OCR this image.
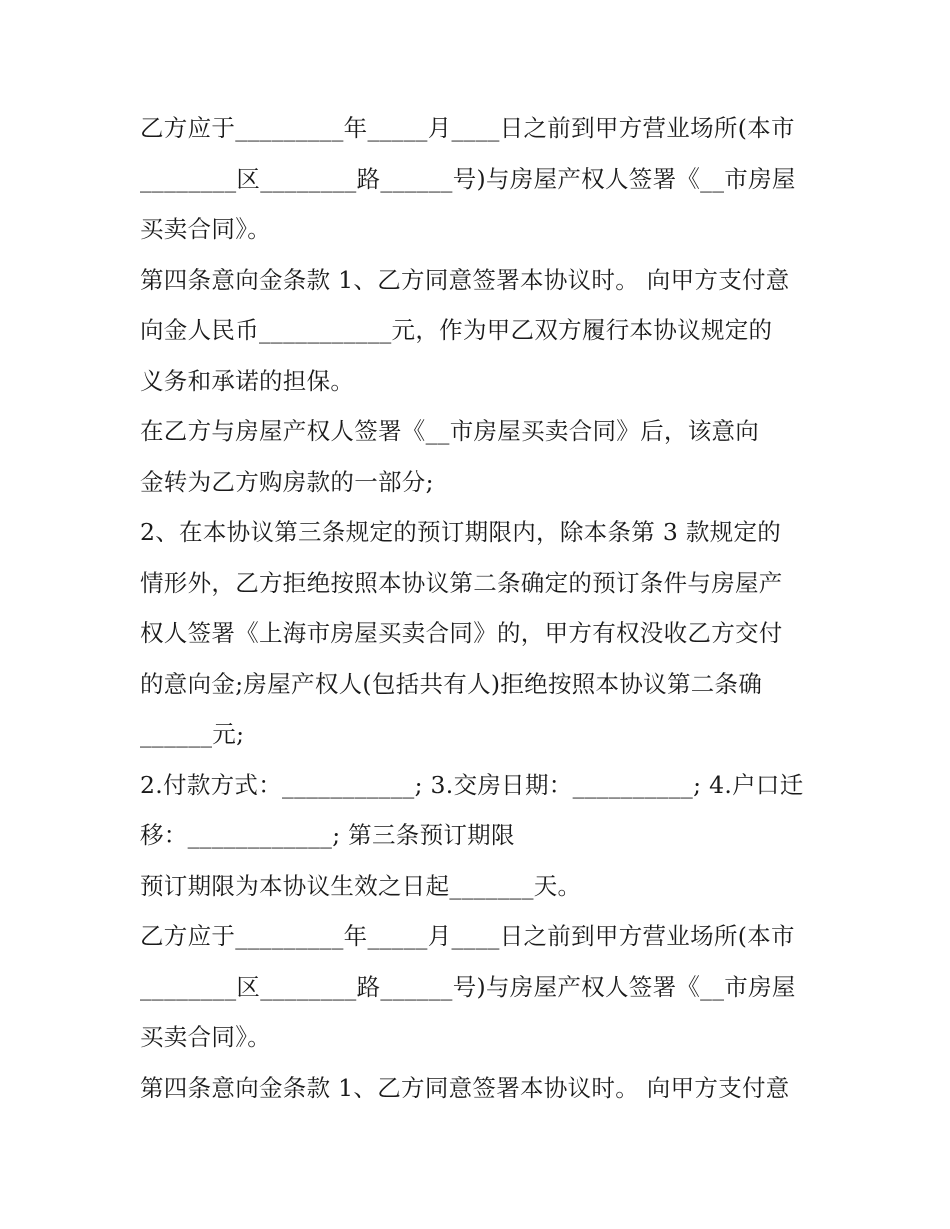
乙方应于_________年_____月____日之前到甲方营业场所(本市
________区________路______号)与房屋产权人签署《__市房屋
买卖合同》。
第四条意向金条款 1、乙方同意签署本协议时。 向甲方支付意
向金人民币___________元，作为甲乙双方履行本协议规定的
义务和承诺的担保。
在乙方与房屋产权人签署《__市房屋买卖合同》后，该意向
金转为乙方购房款的一部分;
2、在本协议第三条规定的预订期限内，除本条第 3 款规定的
情形外，乙方拒绝按照本协议第二条确定的预订条件与房屋产
权人签署《上海市房屋买卖合同》的，甲方有权没收乙方交付
的意向金;房屋产权人(包括共有人)拒绝按照本协议第二条确
______元;
2.付款方式：___________; 3.交房日期：__________; 4.户口迁
移：____________; 第三条预订期限
预订期限为本协议生效之日起_______天。
乙方应于_________年_____月____日之前到甲方营业场所(本市
________区________路______号)与房屋产权人签署《__市房屋
买卖合同》。
第四条意向金条款 1、乙方同意签署本协议时。 向甲方支付意
